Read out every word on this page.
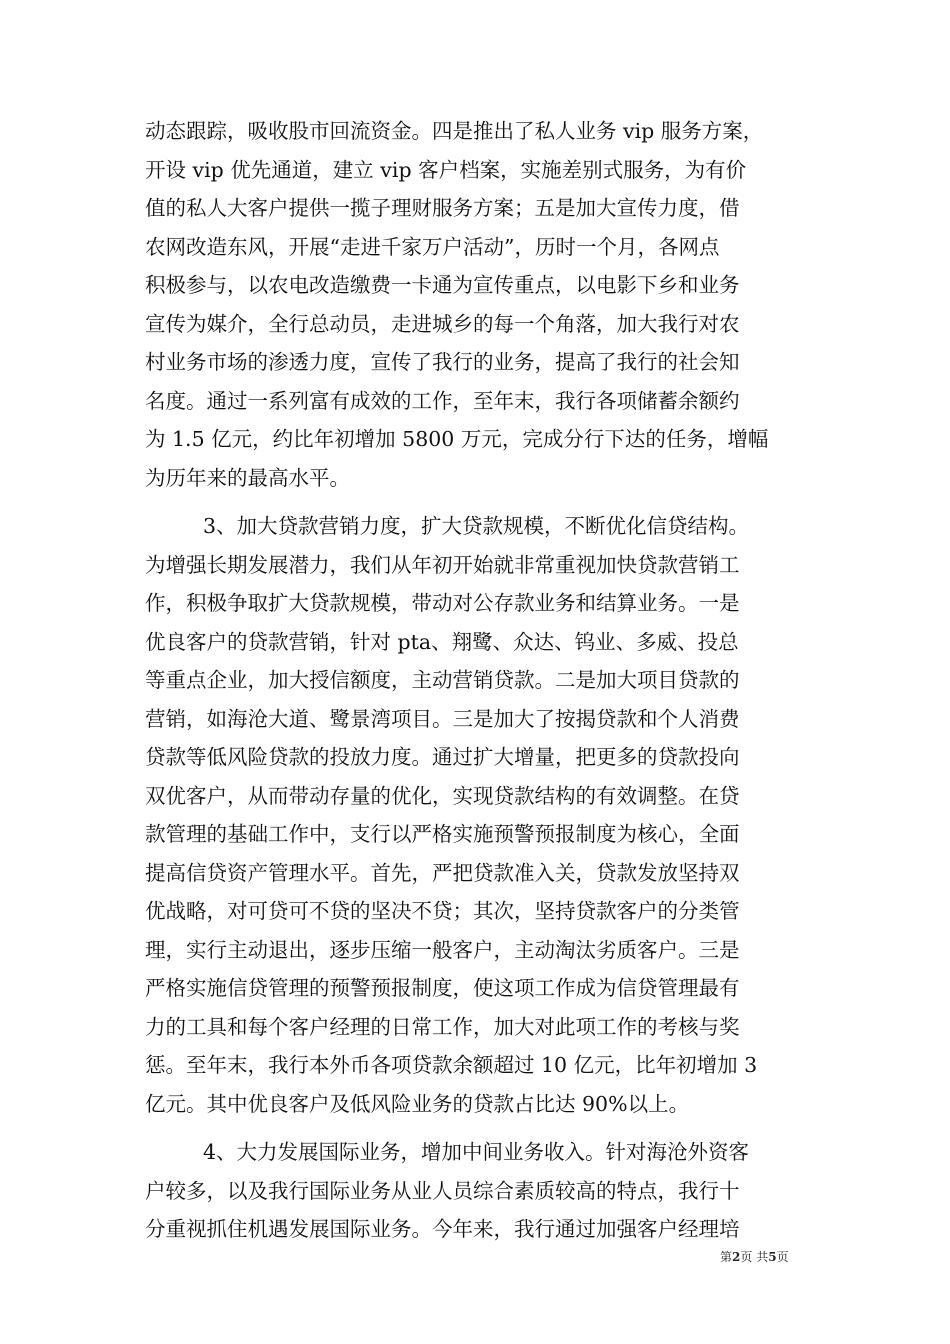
动态跟踪，吸收股市回流资金。四是推出了私人业务 vip 服务方案，
开设 vip 优先通道，建立 vip 客户档案，实施差别式服务，为有价
值的私人大客户提供一揽子理财服务方案；五是加大宣传力度，借
农网改造东风，开展“走进千家万户活动”，历时一个月，各网点
积极参与，以农电改造缴费一卡通为宣传重点，以电影下乡和业务
宣传为媒介，全行总动员，走进城乡的每一个角落，加大我行对农
村业务市场的渗透力度，宣传了我行的业务，提高了我行的社会知
名度。通过一系列富有成效的工作，至年末，我行各项储蓄余额约
为 1.5 亿元，约比年初增加 5800 万元，完成分行下达的任务，增幅
为历年来的最高水平。
3、加大贷款营销力度，扩大贷款规模，不断优化信贷结构。
为增强长期发展潜力，我们从年初开始就非常重视加快贷款营销工
作，积极争取扩大贷款规模，带动对公存款业务和结算业务。一是
优良客户的贷款营销，针对 pta、翔鹭、众达、钨业、多威、投总
等重点企业，加大授信额度，主动营销贷款。二是加大项目贷款的
营销，如海沧大道、鹭景湾项目。三是加大了按揭贷款和个人消费
贷款等低风险贷款的投放力度。通过扩大增量，把更多的贷款投向
双优客户，从而带动存量的优化，实现贷款结构的有效调整。在贷
款管理的基础工作中，支行以严格实施预警预报制度为核心，全面
提高信贷资产管理水平。首先，严把贷款准入关，贷款发放坚持双
优战略，对可贷可不贷的坚决不贷；其次，坚持贷款客户的分类管
理，实行主动退出，逐步压缩一般客户，主动淘汰劣质客户。三是
严格实施信贷管理的预警预报制度，使这项工作成为信贷管理最有
力的工具和每个客户经理的日常工作，加大对此项工作的考核与奖
惩。至年末，我行本外币各项贷款余额超过 10 亿元，比年初增加 3
亿元。其中优良客户及低风险业务的贷款占比达 90%以上。
4、大力发展国际业务，增加中间业务收入。针对海沧外资客
户较多，以及我行国际业务从业人员综合素质较高的特点，我行十
分重视抓住机遇发展国际业务。今年来，我行通过加强客户经理培
第2页 共5页
